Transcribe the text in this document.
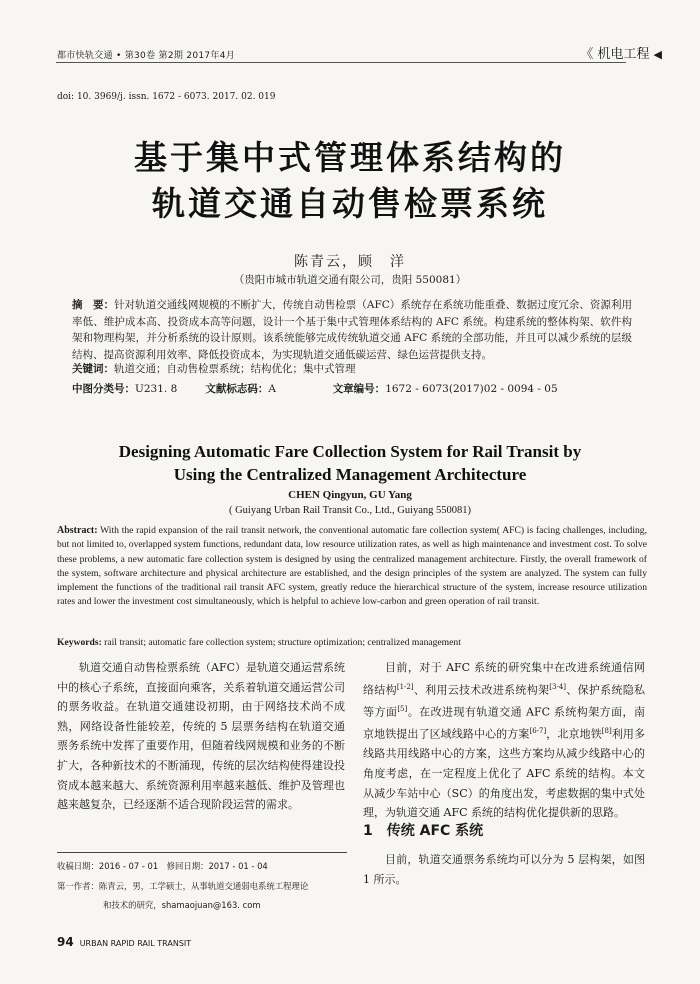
都市快轨交通 • 第30卷 第2期 2017年4月	《 机电工程 ◀
doi: 10. 3969/j. issn. 1672 - 6073. 2017. 02. 019
基于集中式管理体系结构的
轨道交通自动售检票系统
陈青云，顾　洋
（贵阳市城市轨道交通有限公司，贵阳 550081）
摘　要：针对轨道交通线网规模的不断扩大，传统自动售检票（AFC）系统存在系统功能重叠、数据过度冗余、资源利用率低、维护成本高、投资成本高等问题，设计一个基于集中式管理体系结构的 AFC 系统。构建系统的整体构架、软件构架和物理构架，并分析系统的设计原则。该系统能够完成传统轨道交通 AFC 系统的全部功能，并且可以减少系统的层级结构、提高资源利用效率、降低投资成本，为实现轨道交通低碳运营、绿色运营提供支持。
关键词：轨道交通；自动售检票系统；结构优化；集中式管理
中图分类号：U231. 8	文献标志码：A	文章编号：1672 - 6073(2017)02 - 0094 - 05
Designing Automatic Fare Collection System for Rail Transit by
Using the Centralized Management Architecture
CHEN Qingyun, GU Yang
( Guiyang Urban Rail Transit Co., Ltd., Guiyang 550081)
Abstract: With the rapid expansion of the rail transit network, the conventional automatic fare collection system( AFC) is facing challenges, including, but not limited to, overlapped system functions, redundant data, low resource utilization rates, as well as high maintenance and investment cost. To solve these problems, a new automatic fare collection system is designed by using the centralized management architecture. Firstly, the overall framework of the system, software architecture and physical architecture are established, and the design principles of the system are analyzed. The system can fully implement the functions of the traditional rail transit AFC system, greatly reduce the hierarchical structure of the system, increase resource utilization rates and lower the investment cost simultaneously, which is helpful to achieve low-carbon and green operation of rail transit.
Keywords: rail transit; automatic fare collection system; structure optimization; centralized management
轨道交通自动售检票系统（AFC）是轨道交通运营系统中的核心子系统，直接面向乘客，关系着轨道交通运营公司的票务收益。在轨道交通建设初期，由于网络技术尚不成熟，网络设备性能较差，传统的 5 层票务结构在轨道交通票务系统中发挥了重要作用，但随着线网规模和业务的不断扩大，各种新技术的不断涌现，传统的层次结构使得建设投资成本越来越大、系统资源利用率越来越低、维护及管理也越来越复杂，已经逐渐不适合现阶段运营的需求。
目前，对于 AFC 系统的研究集中在改进系统通信网络结构[1-2]、利用云技术改进系统构架[3-4]、保护系统隐私等方面[5]。在改进现有轨道交通 AFC 系统构架方面，南京地铁提出了区域线路中心的方案[6-7]，北京地铁[8]利用多线路共用线路中心的方案，这些方案均从减少线路中心的角度考虑，在一定程度上优化了 AFC 系统的结构。本文从减少车站中心（SC）的角度出发，考虑数据的集中式处理，为轨道交通 AFC 系统的结构优化提供新的思路。
1　传统 AFC 系统
目前，轨道交通票务系统均可以分为 5 层构架，如图 1 所示。
收稿日期：2016 - 07 - 01　修回日期：2017 - 01 - 04
第一作者：陈青云，男，工学硕士，从事轨道交通弱电系统工程理论
和技术的研究，shamaojuan@163. com
94 URBAN RAPID RAIL TRANSIT
